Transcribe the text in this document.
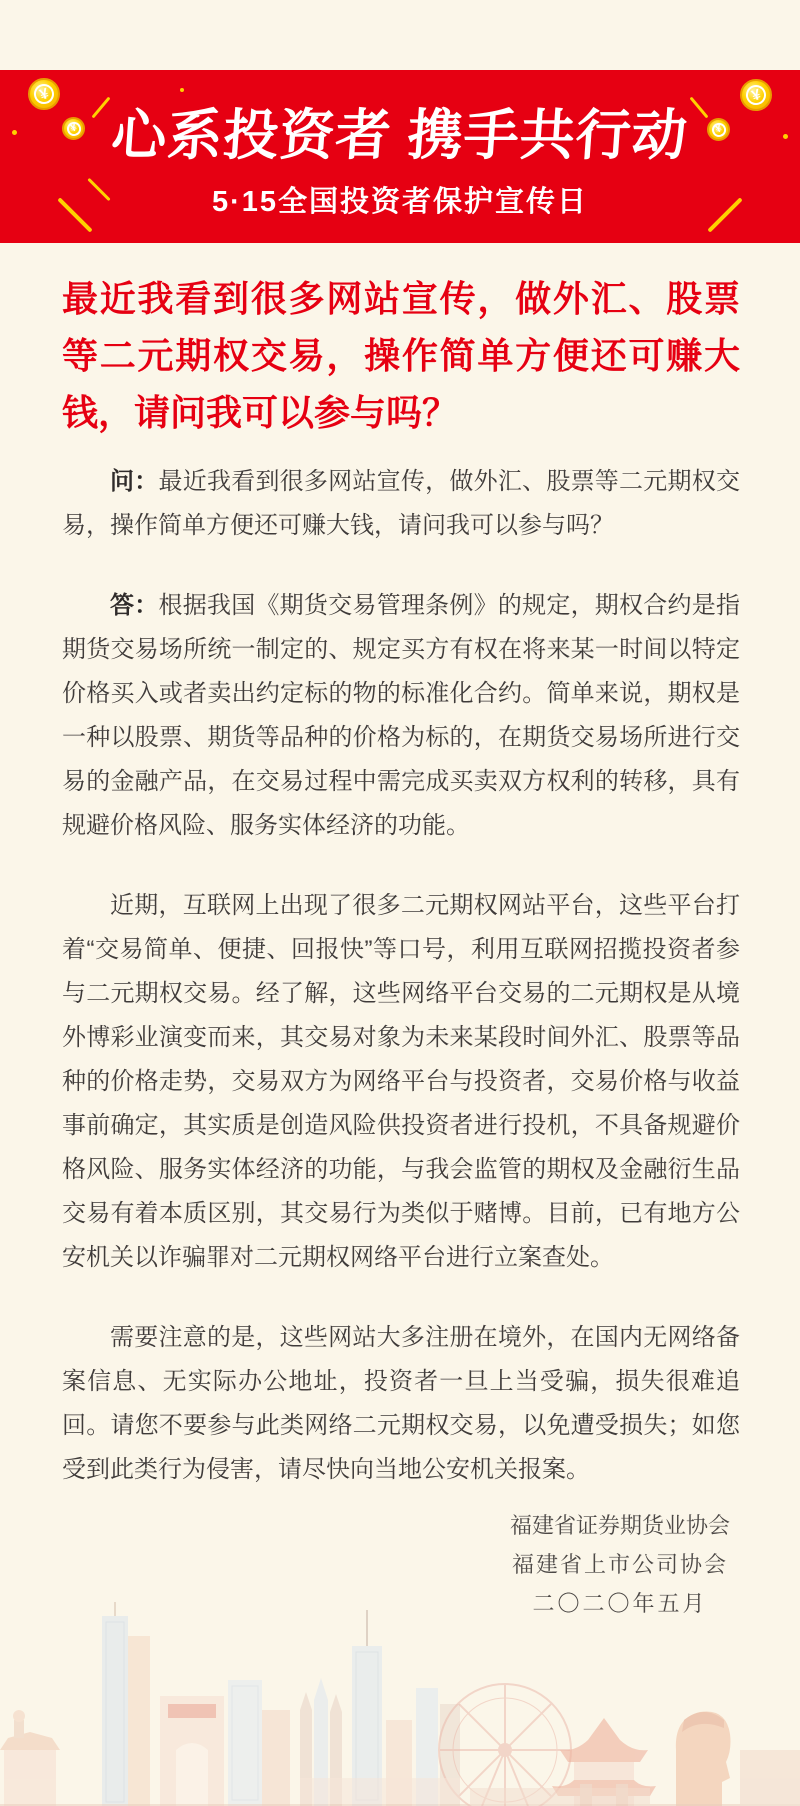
¥
¥
¥
¥
心系投资者 携手共行动
5·15全国投资者保护宣传日
最近我看到很多网站宣传，做外汇、股票等二元期权交易，操作简单方便还可赚大钱，请问我可以参与吗？

问：最近我看到很多网站宣传，做外汇、股票等二元期权交易，操作简单方便还可赚大钱，请问我可以参与吗？

答：根据我国《期货交易管理条例》的规定，期权合约是指期货交易场所统一制定的、规定买方有权在将来某一时间以特定价格买入或者卖出约定标的物的标准化合约。简单来说，期权是一种以股票、期货等品种的价格为标的，在期货交易场所进行交易的金融产品，在交易过程中需完成买卖双方权利的转移，具有规避价格风险、服务实体经济的功能。

近期，互联网上出现了很多二元期权网站平台，这些平台打着“交易简单、便捷、回报快”等口号，利用互联网招揽投资者参与二元期权交易。经了解，这些网络平台交易的二元期权是从境外博彩业演变而来，其交易对象为未来某段时间外汇、股票等品种的价格走势，交易双方为网络平台与投资者，交易价格与收益事前确定，其实质是创造风险供投资者进行投机，不具备规避价格风险、服务实体经济的功能，与我会监管的期权及金融衍生品交易有着本质区别，其交易行为类似于赌博。目前，已有地方公安机关以诈骗罪对二元期权网络平台进行立案查处。

需要注意的是，这些网站大多注册在境外，在国内无网络备案信息、无实际办公地址，投资者一旦上当受骗，损失很难追回。请您不要参与此类网络二元期权交易，以免遭受损失；如您受到此类行为侵害，请尽快向当地公安机关报案。

福建省证券期货业协会
福建省上市公司协会
二〇二〇年五月
